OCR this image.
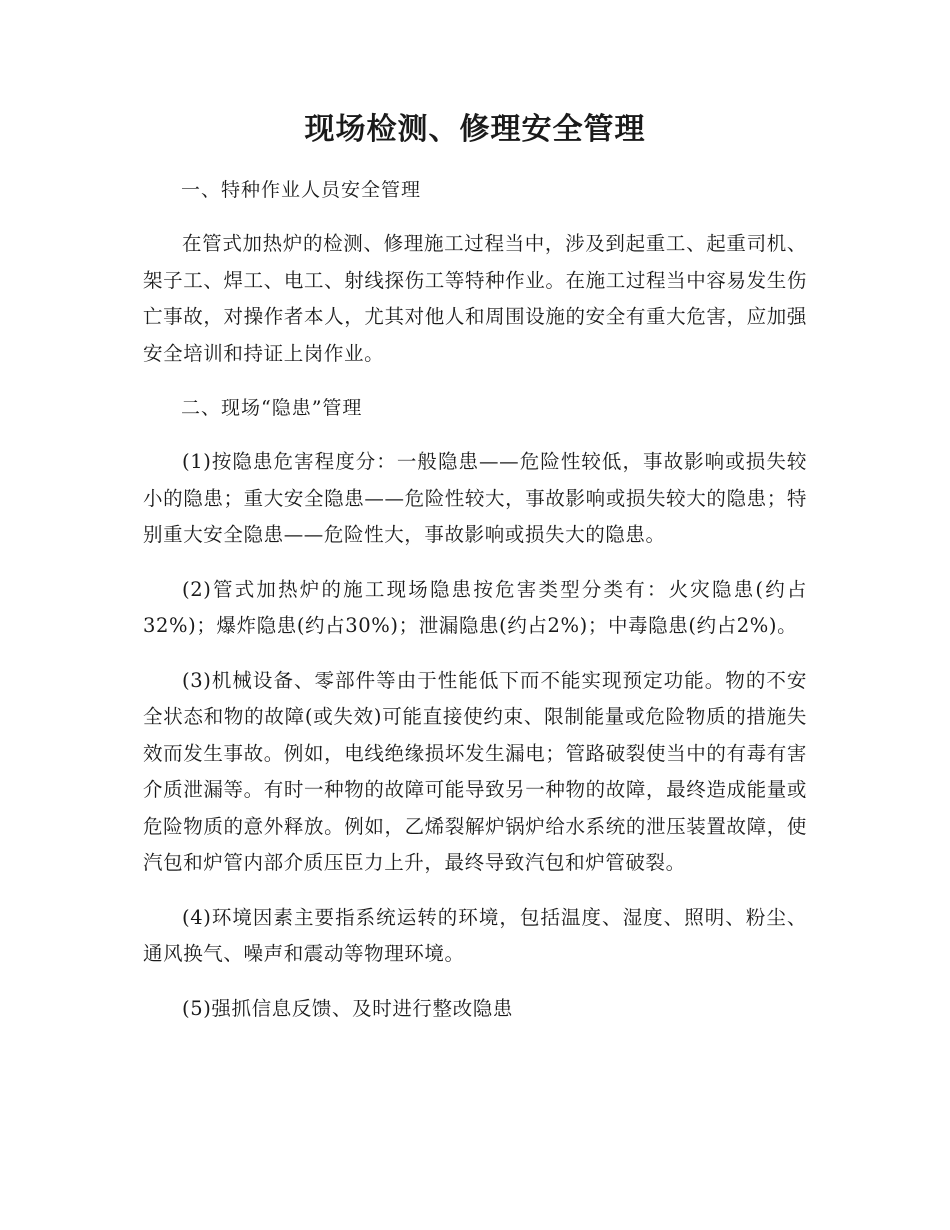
现场检测、修理安全管理
一、特种作业人员安全管理

在管式加热炉的检测、修理施工过程当中，涉及到起重工、起重司机、架子工、焊工、电工、射线探伤工等特种作业。在施工过程当中容易发生伤亡事故，对操作者本人，尤其对他人和周围设施的安全有重大危害，应加强安全培训和持证上岗作业。

二、现场“隐患”管理

(1)按隐患危害程度分：一般隐患——危险性较低，事故影响或损失较小的隐患；重大安全隐患——危险性较大，事故影响或损失较大的隐患；特别重大安全隐患——危险性大，事故影响或损失大的隐患。

(2)管式加热炉的施工现场隐患按危害类型分类有：火灾隐患(约占32%)；爆炸隐患(约占30%)；泄漏隐患(约占2%)；中毒隐患(约占2%)。

(3)机械设备、零部件等由于性能低下而不能实现预定功能。物的不安全状态和物的故障(或失效)可能直接使约束、限制能量或危险物质的措施失效而发生事故。例如，电线绝缘损坏发生漏电；管路破裂使当中的有毒有害介质泄漏等。有时一种物的故障可能导致另一种物的故障，最终造成能量或危险物质的意外释放。例如，乙烯裂解炉锅炉给水系统的泄压装置故障，使汽包和炉管内部介质压臣力上升，最终导致汽包和炉管破裂。

(4)环境因素主要指系统运转的环境，包括温度、湿度、照明、粉尘、通风换气、噪声和震动等物理环境。

(5)强抓信息反馈、及时进行整改隐患
